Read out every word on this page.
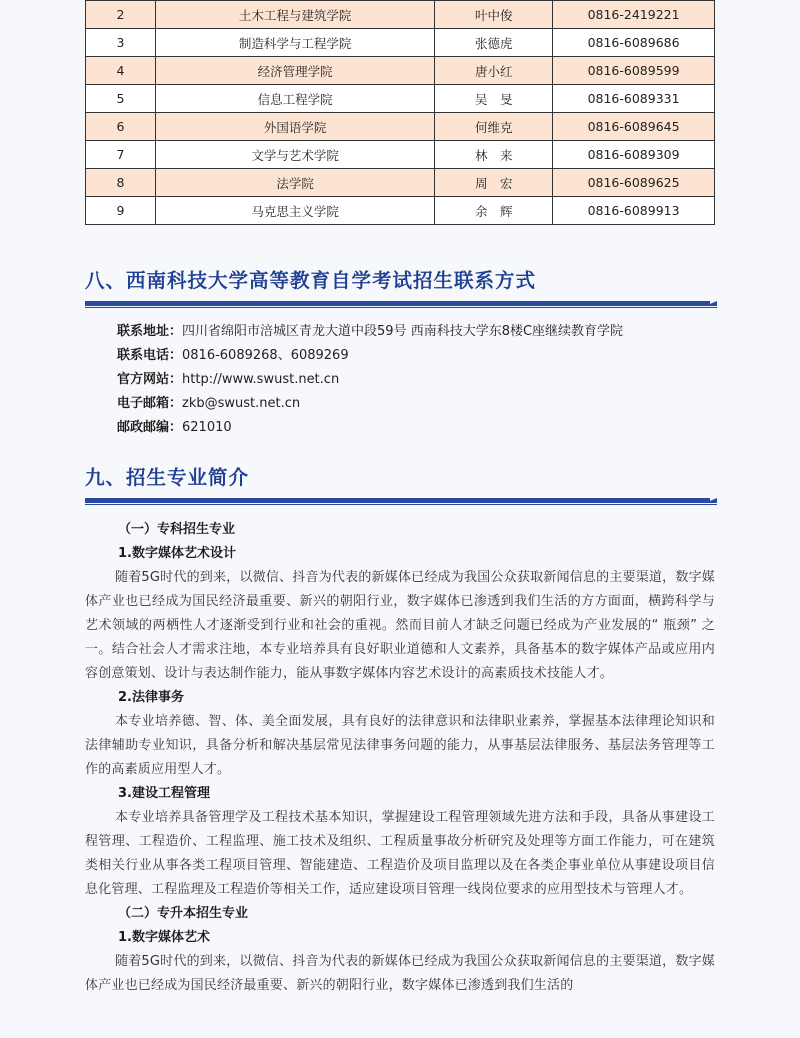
2	土木工程与建筑学院	叶中俊	0816-2419221
3	制造科学与工程学院	张德虎	0816-6089686
4	经济管理学院	唐小红	0816-6089599
5	信息工程学院	吴　旻	0816-6089331
6	外国语学院	何维克	0816-6089645
7	文学与艺术学院	林　来	0816-6089309
8	法学院	周　宏	0816-6089625
9	马克思主义学院	余　辉	0816-6089913
八、西南科技大学高等教育自学考试招生联系方式
联系地址：四川省绵阳市涪城区青龙大道中段59号 西南科技大学东8楼C座继续教育学院
联系电话：0816-6089268、6089269
官方网站：http://www.swust.net.cn
电子邮箱：zkb@swust.net.cn
邮政邮编：621010
九、招生专业简介
（一）专科招生专业
1.数字媒体艺术设计

随着5G时代的到来，以微信、抖音为代表的新媒体已经成为我国公众获取新闻信息的主要渠道，数字媒体产业也已经成为国民经济最重要、新兴的朝阳行业，数字媒体已渗透到我们生活的方方面面，横跨科学与艺术领域的两栖性人才逐渐受到行业和社会的重视。然而目前人才缺乏问题已经成为产业发展的“ 瓶颈” 之一。结合社会人才需求注地，本专业培养具有良好职业道德和人文素养，具备基本的数字媒体产品或应用内容创意策划、设计与表达制作能力，能从事数字媒体内容艺术设计的高素质技术技能人才。

2.法律事务

本专业培养德、智、体、美全面发展，具有良好的法律意识和法律职业素养，掌握基本法律理论知识和法律辅助专业知识，具备分析和解决基层常见法律事务问题的能力，从事基层法律服务、基层法务管理等工作的高素质应用型人才。

3.建设工程管理

本专业培养具备管理学及工程技术基本知识，掌握建设工程管理领域先进方法和手段，具备从事建设工程管理、工程造价、工程监理、施工技术及组织、工程质量事故分析研究及处理等方面工作能力，可在建筑类相关行业从事各类工程项目管理、智能建造、工程造价及项目监理以及在各类企事业单位从事建设项目信息化管理、工程监理及工程造价等相关工作，适应建设项目管理一线岗位要求的应用型技术与管理人才。

（二）专升本招生专业
1.数字媒体艺术

随着5G时代的到来，以微信、抖音为代表的新媒体已经成为我国公众获取新闻信息的主要渠道，数字媒体产业也已经成为国民经济最重要、新兴的朝阳行业，数字媒体已渗透到我们生活的
